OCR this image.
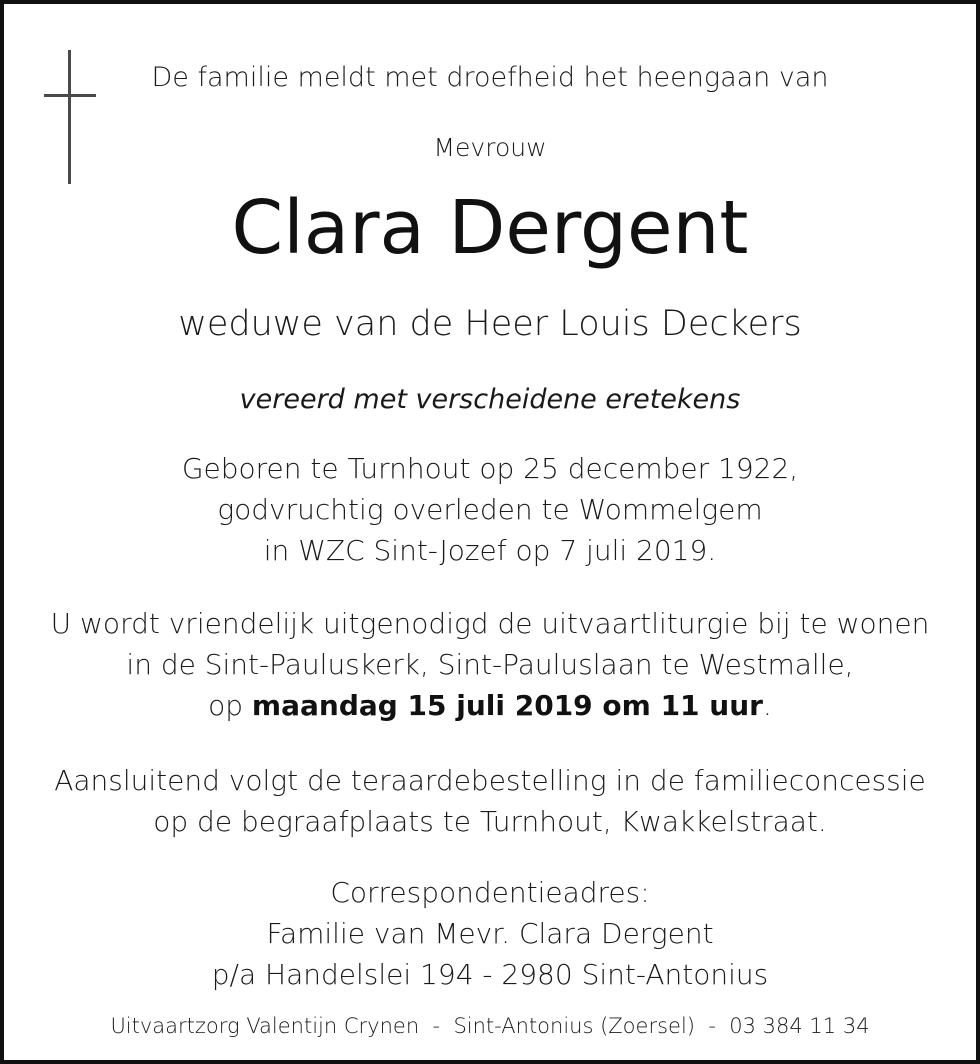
De familie meldt met droefheid het heengaan van
Mevrouw
Clara Dergent
weduwe van de Heer Louis Deckers
vereerd met verscheidene eretekens
Geboren te Turnhout op 25 december 1922,
godvruchtig overleden te Wommelgem
in WZC Sint-Jozef op 7 juli 2019.
U wordt vriendelijk uitgenodigd de uitvaartliturgie bij te wonen
in de Sint-Pauluskerk, Sint-Pauluslaan te Westmalle,
op maandag 15 juli 2019 om 11 uur.
Aansluitend volgt de teraardebestelling in de familieconcessie
op de begraafplaats te Turnhout, Kwakkelstraat.
Correspondentieadres:
Familie van Mevr. Clara Dergent
p/a Handelslei 194 - 2980 Sint-Antonius
Uitvaartzorg Valentijn Crynen - Sint-Antonius (Zoersel) - 03 384 11 34
